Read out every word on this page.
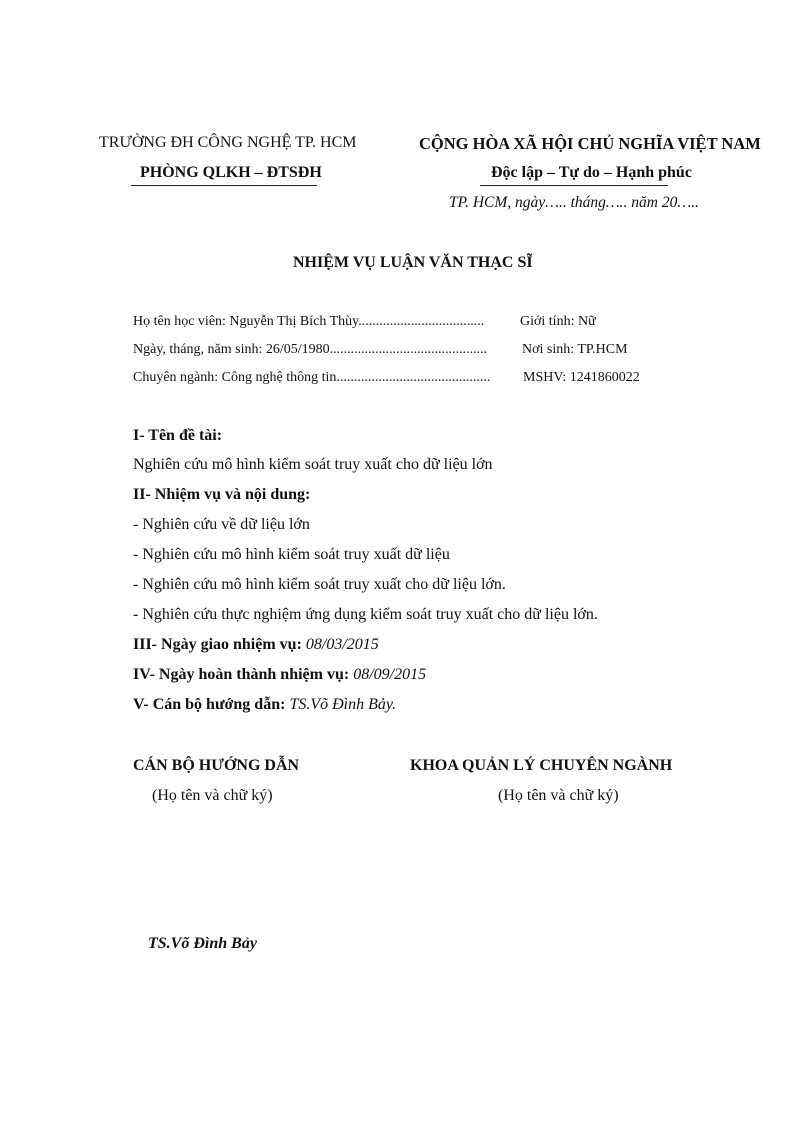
TRƯỜNG ĐH CÔNG NGHỆ TP. HCM
PHÒNG QLKH – ĐTSĐH
CỘNG HÒA XÃ HỘI CHỦ NGHĨA VIỆT NAM
Độc lập – Tự do – Hạnh phúc
TP. HCM, ngày….. tháng….. năm 20…..
NHIỆM VỤ LUẬN VĂN THẠC SĨ
Họ tên học viên: Nguyễn Thị Bích Thùy....................................	Giới tính: Nữ
Ngày, tháng, năm sinh: 26/05/1980............................................. Nơi sinh: TP.HCM
Chuyên ngành: Công nghệ thông tin............................................ MSHV: 1241860022
I- Tên đề tài:
Nghiên cứu mô hình kiểm soát truy xuất cho dữ liệu lớn
II- Nhiệm vụ và nội dung:
- Nghiên cứu về dữ liệu lớn
- Nghiên cứu mô hình kiểm soát truy xuất dữ liệu
- Nghiên cứu mô hình kiểm soát truy xuất cho dữ liệu lớn.
- Nghiên cứu thực nghiệm ứng dụng kiểm soát truy xuất cho dữ liệu lớn.
III- Ngày giao nhiệm vụ: 08/03/2015
IV- Ngày hoàn thành nhiệm vụ: 08/09/2015
V- Cán bộ hướng dẫn: TS.Võ Đình Bảy.
CÁN BỘ HƯỚNG DẪN
(Họ tên và chữ ký)
KHOA QUẢN LÝ CHUYÊN NGÀNH
(Họ tên và chữ ký)
TS.Võ Đình Bảy
